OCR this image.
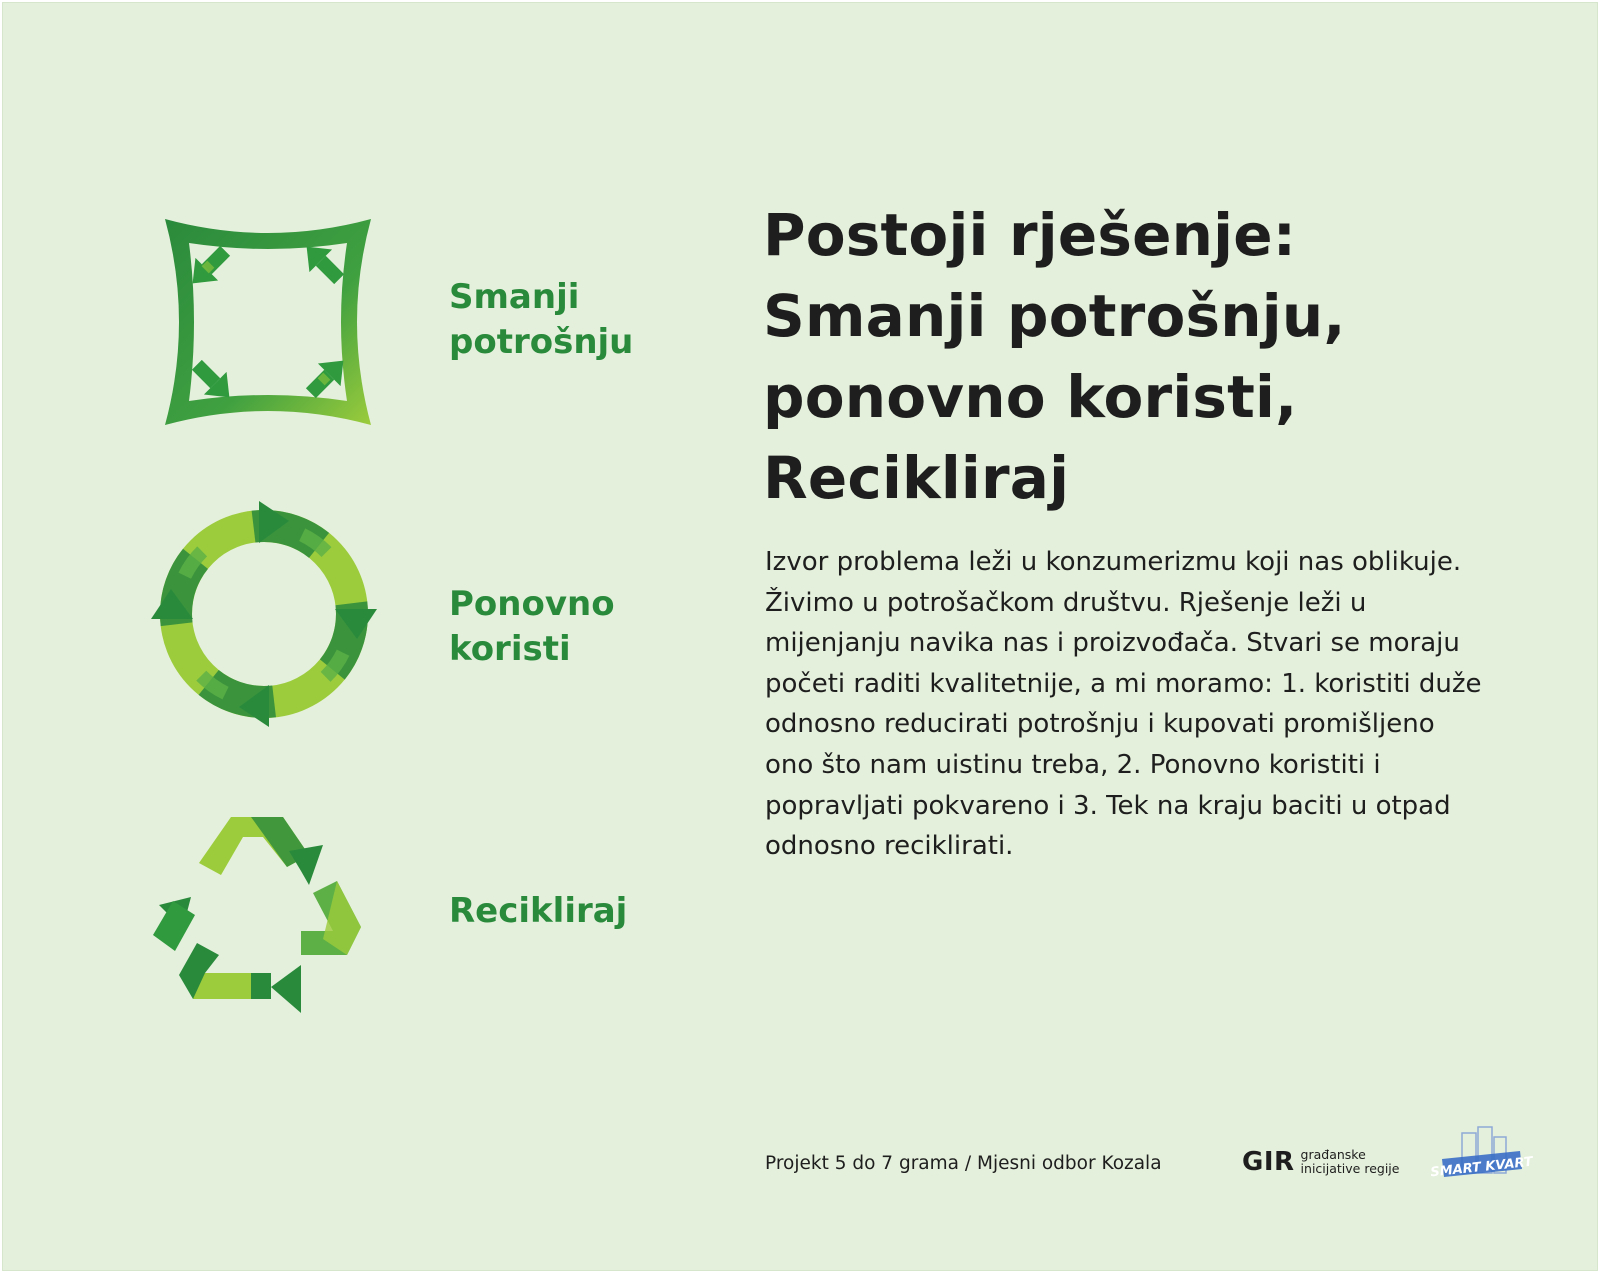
Smanji
potrošnju
Ponovno
koristi
Recikliraj
Postoji rješenje:
Smanji potrošnju,
ponovno koristi,
Recikliraj
Izvor problema leži u konzumerizmu koji nas oblikuje.
Živimo u potrošačkom društvu. Rješenje leži u
mijenjanju navika nas i proizvođača. Stvari se moraju
početi raditi kvalitetnije, a mi moramo: 1. koristiti duže
odnosno reducirati potrošnju i kupovati promišljeno
ono što nam uistinu treba, 2. Ponovno koristiti i
popravljati pokvareno i 3. Tek na kraju baciti u otpad
odnosno reciklirati.
Projekt 5 do 7 grama / Mjesni odbor Kozala	GIR građanske
inicijative regije SMART KVART
